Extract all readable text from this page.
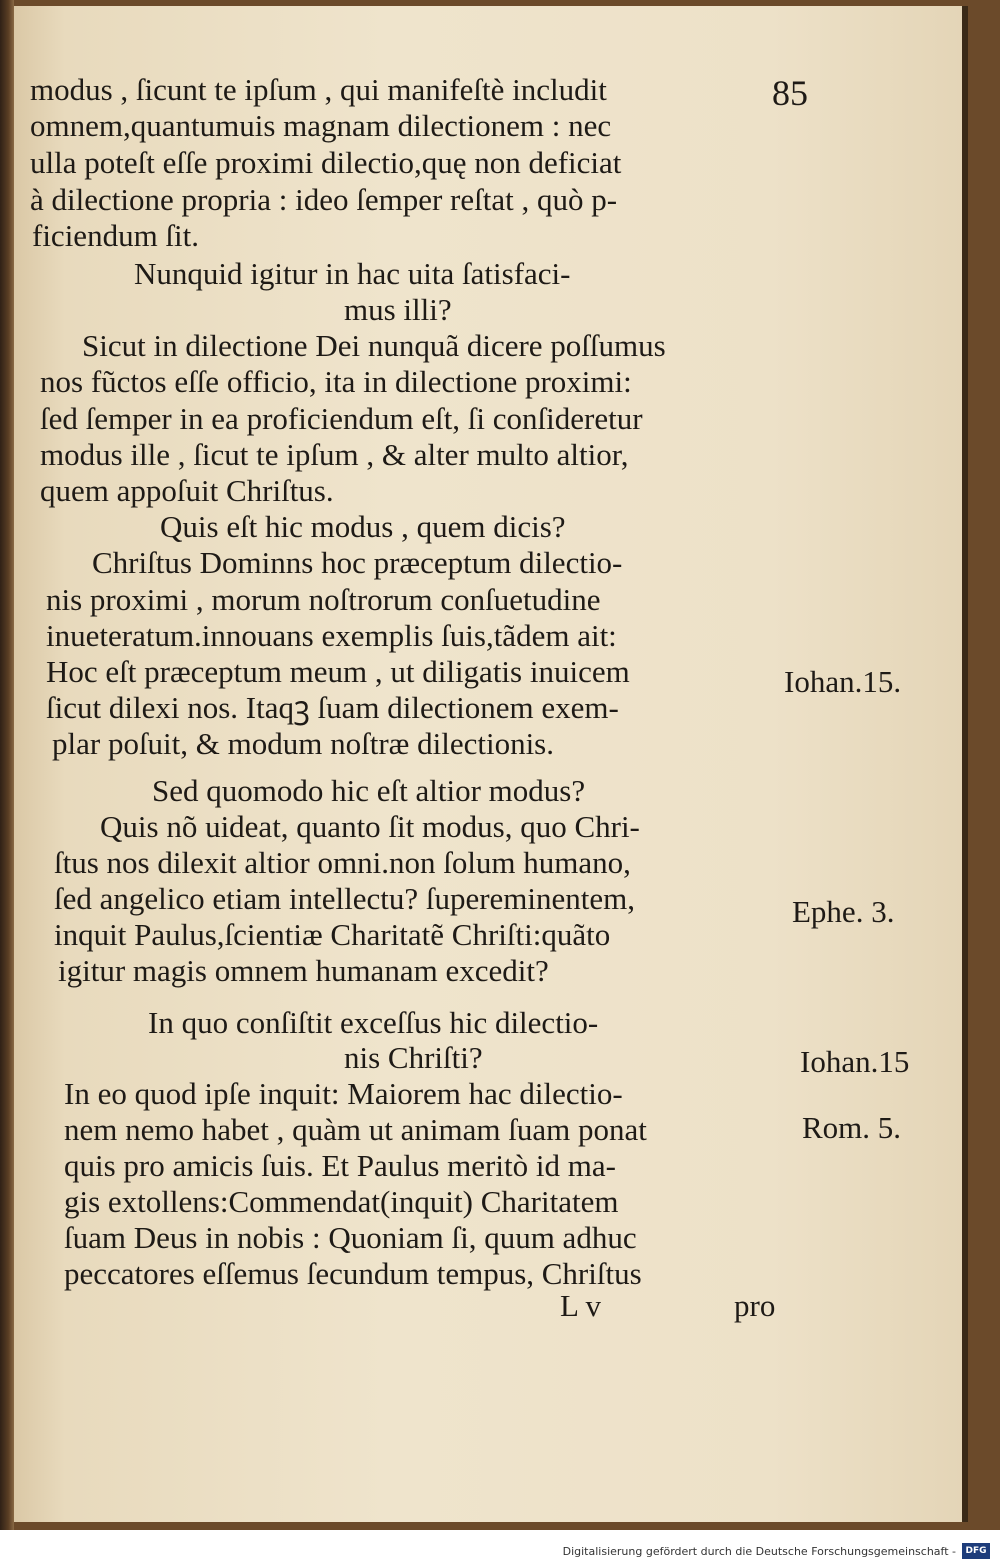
85
modus , ſicunt te ipſum , qui manifeſtè includit
omnem,quantumuis magnam dilectionem : nec
ulla poteſt eſſe proximi dilectio,quę non deficiat
à dilectione propria : ideo ſemper reſtat , quò p-
ficiendum ſit.
Nunquid igitur in hac uita ſatisfaci-
mus illi?
Sicut in dilectione Dei nunquã dicere poſſumus
nos fũctos eſſe officio, ita in dilectione proximi:
ſed ſemper in ea proficiendum eſt, ſi conſideretur
modus ille , ſicut te ipſum , & alter multo altior,
quem appoſuit Chriſtus.
Quis eſt hic modus , quem dicis?
Chriſtus Dominns hoc præceptum dilectio-
nis proximi , morum noſtrorum conſuetudine
inueteratum.innouans exemplis ſuis,tãdem ait:
Hoc eſt præceptum meum , ut diligatis inuicem
ſicut dilexi nos. Itaqꝫ ſuam dilectionem exem-
plar poſuit, & modum noſtræ dilectionis.
Sed quomodo hic eſt altior modus?
Quis nõ uideat, quanto ſit modus, quo Chri-
ſtus nos dilexit altior omni.non ſolum humano,
ſed angelico etiam intellectu? ſupereminentem,
inquit Paulus,ſcientiæ Charitatẽ Chriſti:quãto
igitur magis omnem humanam excedit?
In quo conſiſtit exceſſus hic dilectio-
nis Chriſti?
In eo quod ipſe inquit: Maiorem hac dilectio-
nem nemo habet , quàm ut animam ſuam ponat
quis pro amicis ſuis. Et Paulus meritò id ma-
gis extollens:Commendat(inquit) Charitatem
ſuam Deus in nobis : Quoniam ſi, quum adhuc
peccatores eſſemus ſecundum tempus, Chriſtus
Iohan.15.
Ephe. 3.
Iohan.15
Rom. 5.
L v	pro
Digitalisierung gefördert durch die Deutsche Forschungsgemeinschaft -	DFG
